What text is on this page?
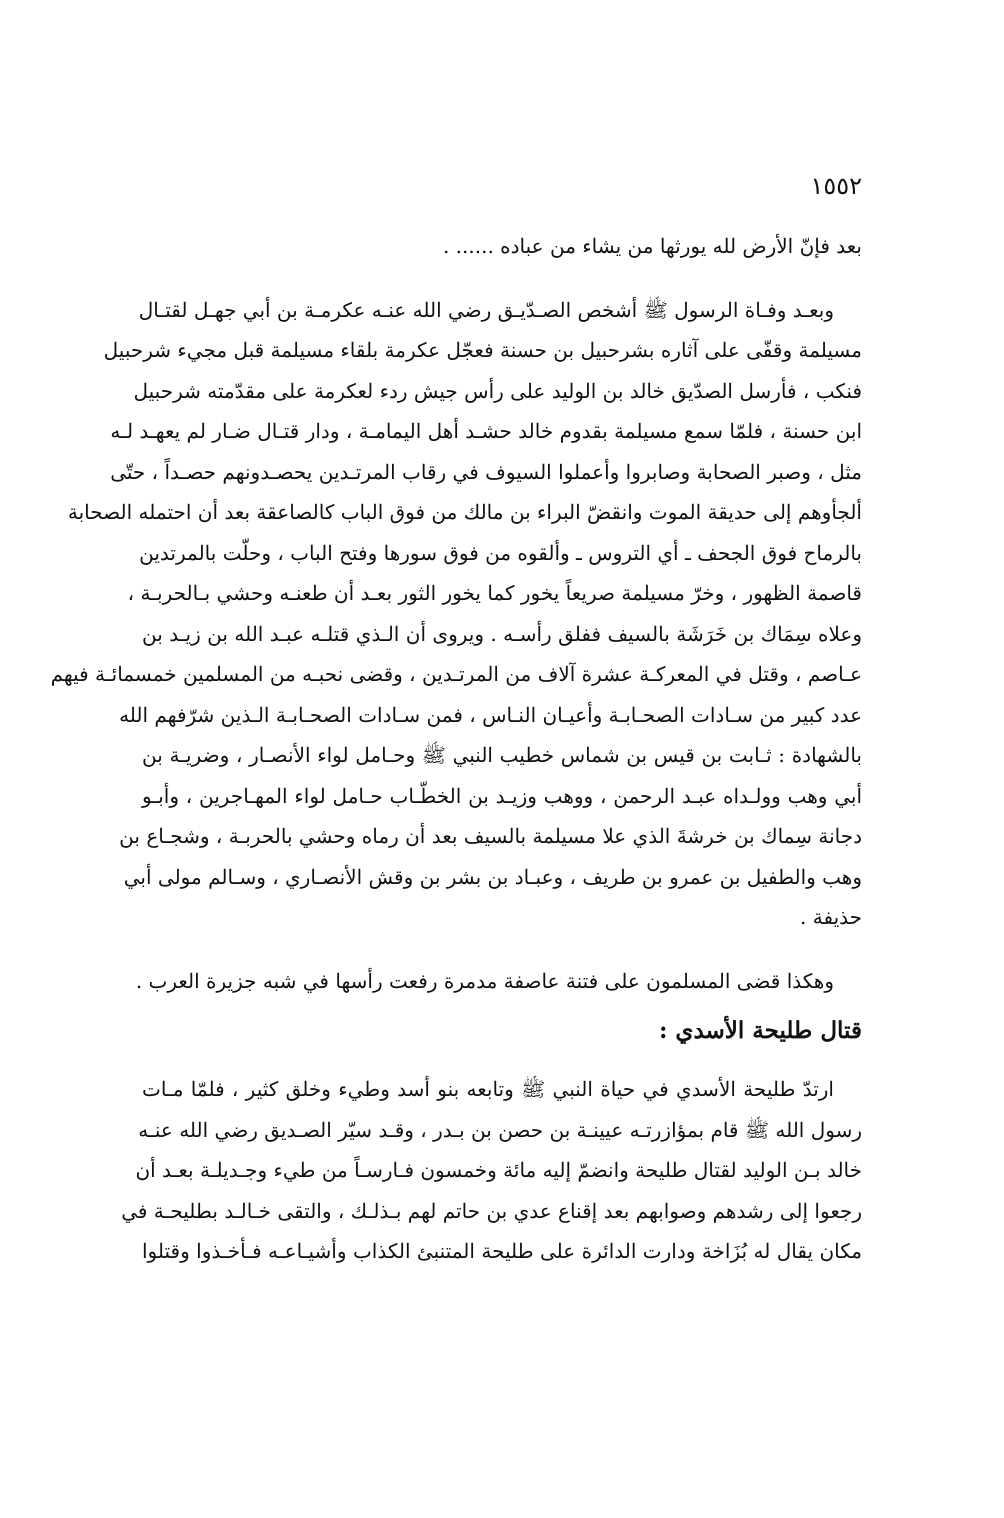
١٥٥٢
بعد فإنّ الأرض لله يورثها من يشاء من عباده ...... .
وبعـد وفـاة الرسول ﷺ أشخص الصـدّيـق رضي الله عنـه عكرمـة بن أبي جهـل لقتـال
مسيلمة وقفّى على آثاره بشرحبيل بن حسنة فعجّل عكرمة بلقاء مسيلمة قبل مجيء شرحبيل
فنكب ، فأرسل الصدّيق خالد بن الوليد على رأس جيش ردء لعكرمة على مقدّمته شرحبيل
ابن حسنة ، فلمّا سمع مسيلمة بقدوم خالد حشـد أهل اليمامـة ، ودار قتـال ضـار لم يعهـد لـه
مثل ، وصبر الصحابة وصابروا وأعملوا السيوف في رقاب المرتـدين يحصـدونهم حصـداً ، حتّى
ألجأوهم إلى حديقة الموت وانقضّ البراء بن مالك من فوق الباب كالصاعقة بعد أن احتمله الصحابة
بالرماح فوق الجحف ـ أي التروس ـ وألقوه من فوق سورها وفتح الباب ، وحلّت بالمرتدين
قاصمة الظهور ، وخرّ مسيلمة صريعاً يخور كما يخور الثور بعـد أن طعنـه وحشي بـالحربـة ،
وعلاه سِمَاك بن خَرَشَة بالسيف ففلق رأسـه . ويروى أن الـذي قتلـه عبـد الله بن زيـد بن
عـاصم ، وقتل في المعركـة عشرة آلاف من المرتـدين ، وقضى نحبـه من المسلمين خمسمائـة فيهم
عدد كبير من سـادات الصحـابـة وأعيـان النـاس ، فمن سـادات الصحـابـة الـذين شرّفهم الله
بالشهادة : ثـابت بن قيس بن شماس خطيب النبي ﷺ وحـامل لواء الأنصـار ، وضريـة بن
أبي وهب وولـداه عبـد الرحمن ، ووهب وزيـد بن الخطّـاب حـامل لواء المهـاجرين ، وأبـو
دجانة سِماك بن خرشةَ الذي علا مسيلمة بالسيف بعد أن رماه وحشي بالحربـة ، وشجـاع بن
وهب والطفيل بن عمرو بن طريف ، وعبـاد بن بشر بن وقش الأنصـاري ، وسـالم مولى أبي
حذيفة .
وهكذا قضى المسلمون على فتنة عاصفة مدمرة رفعت رأسها في شبه جزيرة العرب .
قتال طليحة الأسدي :
ارتدّ طليحة الأسدي في حياة النبي ﷺ وتابعه بنو أسد وطيء وخلق كثير ، فلمّا مـات
رسول الله ﷺ قام بمؤازرتـه عيينـة بن حصن بن بـدر ، وقـد سيّر الصـديق رضي الله عنـه
خالد بـن الوليد لقتال طليحة وانضمّ إليه مائة وخمسون فـارسـاً من طيء وجـديلـة بعـد أن
رجعوا إلى رشدهم وصوابهم بعد إقناع عدي بن حاتم لهم بـذلـك ، والتقى خـالـد بطليحـة في
مكان يقال له بُزَاخة ودارت الدائرة على طليحة المتنبئ الكذاب وأشيـاعـه فـأخـذوا وقتلوا
